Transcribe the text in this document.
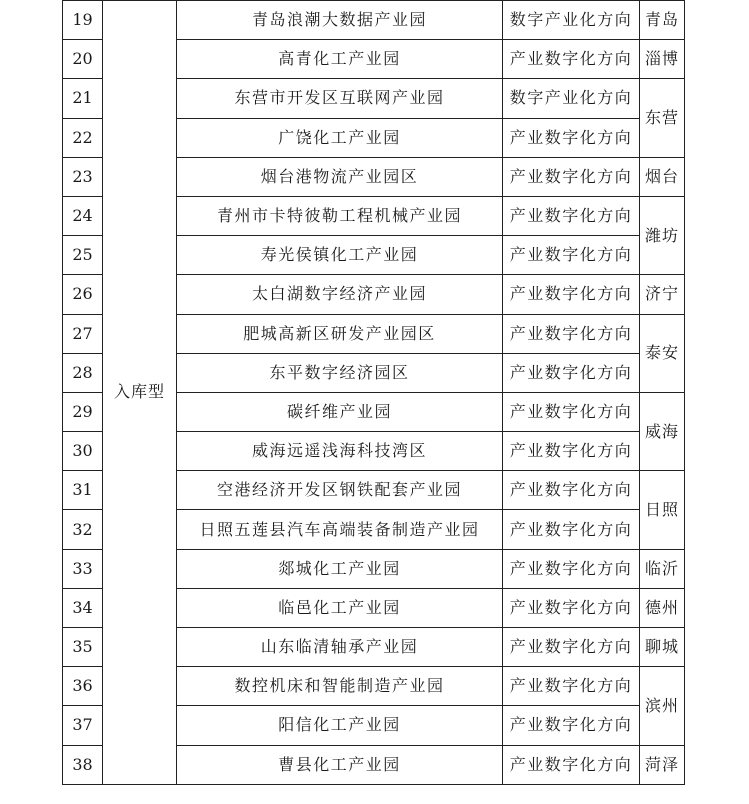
19	入库型	青岛浪潮大数据产业园	数字产业化方向	青岛
20		高青化工产业园	产业数字化方向	淄博
21		东营市开发区互联网产业园	数字产业化方向	东营
22		广饶化工产业园	产业数字化方向	
23		烟台港物流产业园区	产业数字化方向	烟台
24		青州市卡特彼勒工程机械产业园	产业数字化方向	潍坊
25		寿光侯镇化工产业园	产业数字化方向	
26		太白湖数字经济产业园	产业数字化方向	济宁
27		肥城高新区研发产业园区	产业数字化方向	泰安
28		东平数字经济园区	产业数字化方向	
29		碳纤维产业园	产业数字化方向	威海
30		威海远遥浅海科技湾区	产业数字化方向	
31		空港经济开发区钢铁配套产业园	产业数字化方向	日照
32		日照五莲县汽车高端装备制造产业园	产业数字化方向	
33		郯城化工产业园	产业数字化方向	临沂
34		临邑化工产业园	产业数字化方向	德州
35		山东临清轴承产业园	产业数字化方向	聊城
36		数控机床和智能制造产业园	产业数字化方向	滨州
37		阳信化工产业园	产业数字化方向	
38		曹县化工产业园	产业数字化方向	菏泽
